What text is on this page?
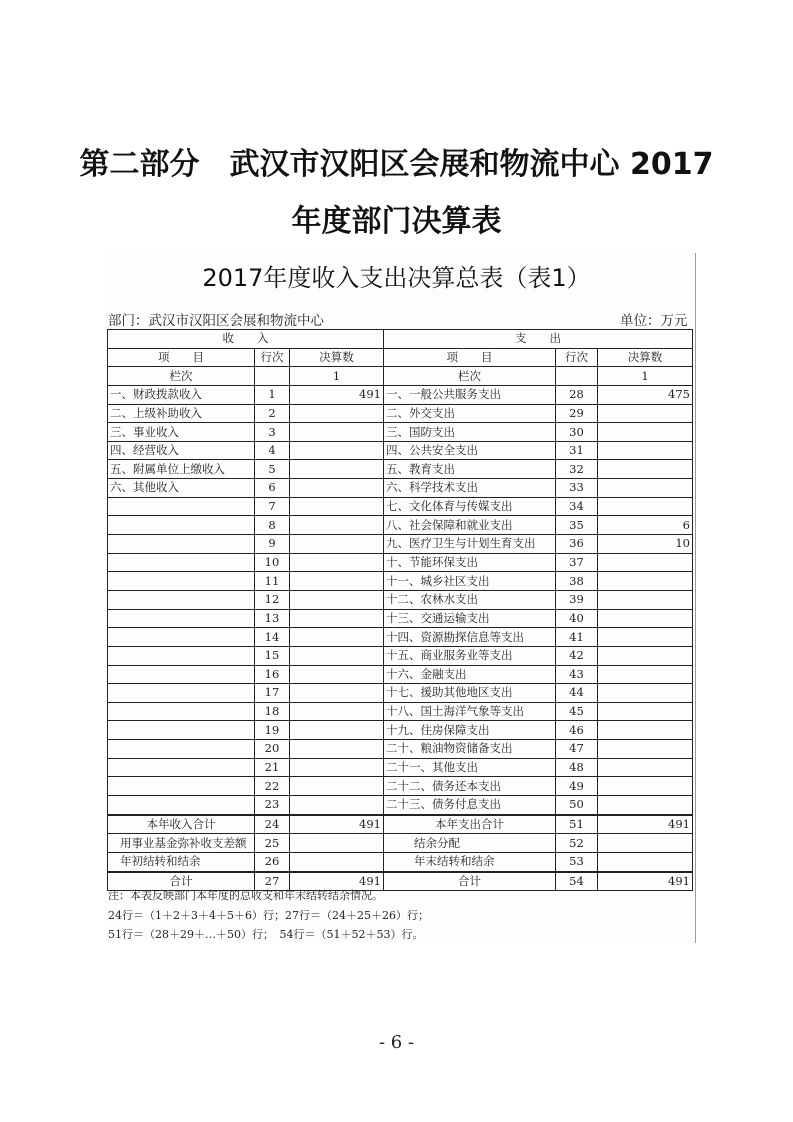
第二部分　武汉市汉阳区会展和物流中心 2017
年度部门决算表
2017年度收入支出决算总表（表1）
部门：武汉市汉阳区会展和物流中心	单位：万元
收　　入			支　　出		
项　　目	行次	决算数	项　　目	行次	决算数
栏次		1	栏次		1
一、财政拨款收入	1	491	一、一般公共服务支出	28	475
二、上级补助收入	2		二、外交支出	29	
三、事业收入	3		三、国防支出	30	
四、经营收入	4		四、公共安全支出	31	
五、附属单位上缴收入	5		五、教育支出	32	
六、其他收入	6		六、科学技术支出	33	
	7		七、文化体育与传媒支出	34	
	8		八、社会保障和就业支出	35	6
	9		九、医疗卫生与计划生育支出	36	10
	10		十、节能环保支出	37	
	11		十一、城乡社区支出	38	
	12		十二、农林水支出	39	
	13		十三、交通运输支出	40	
	14		十四、资源勘探信息等支出	41	
	15		十五、商业服务业等支出	42	
	16		十六、金融支出	43	
	17		十七、援助其他地区支出	44	
	18		十八、国土海洋气象等支出	45	
	19		十九、住房保障支出	46	
	20		二十、粮油物资储备支出	47	
	21		二十一、其他支出	48	
	22		二十二、债务还本支出	49	
	23		二十三、债务付息支出	50	
本年收入合计	24	491	本年支出合计	51	491
用事业基金弥补收支差额	25		结余分配	52	
年初结转和结余	26		年末结转和结余	53	
合计	27	491	合计	54	491
注：本表反映部门本年度的总收支和年末结转结余情况。
24行＝（1＋2＋3＋4＋5＋6）行；27行＝（24＋25＋26）行；
51行＝（28＋29＋…＋50）行；　54行＝（51＋52＋53）行。
- 6 -
